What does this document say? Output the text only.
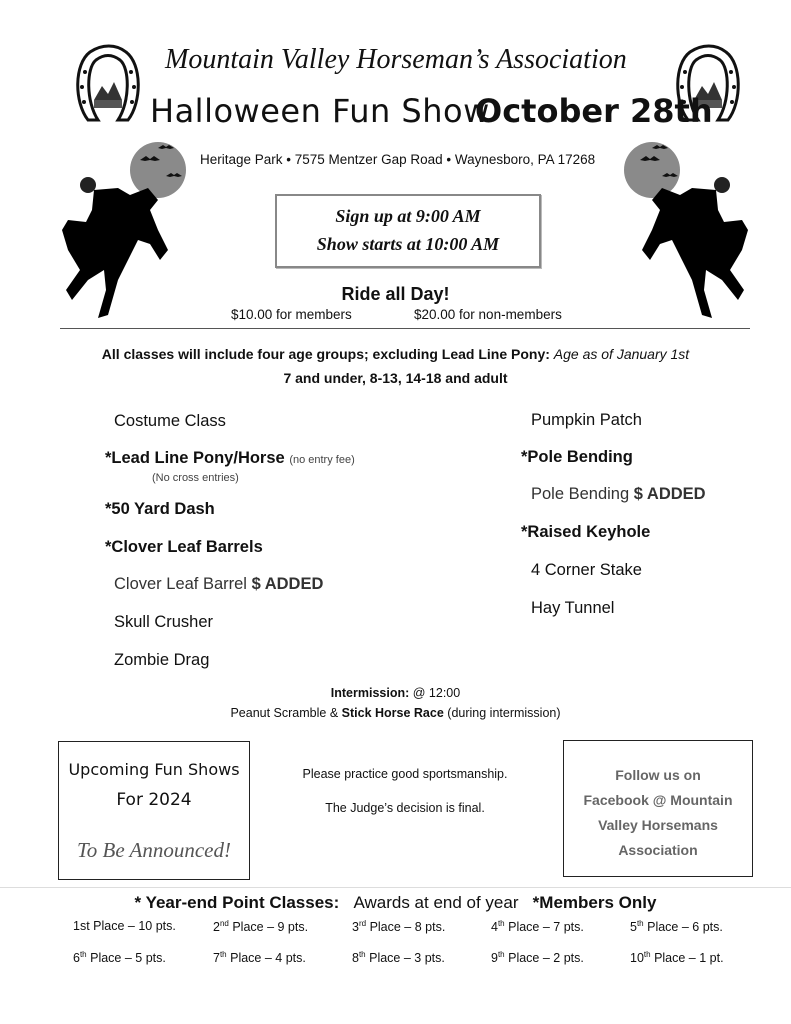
Mountain Valley Horseman’s Association
Halloween Fun Show
October 28th
Heritage Park • 7575 Mentzer Gap Road • Waynesboro, PA 17268
Sign up at 9:00 AM
Show starts at 10:00 AM
Ride all Day!
$10.00 for members	$20.00 for non-members
All classes will include four age groups; excluding Lead Line Pony: Age as of January 1st
7 and under, 8-13, 14-18 and adult
Costume Class
*Lead Line Pony/Horse (no entry fee)
(No cross entries)
*50 Yard Dash
*Clover Leaf Barrels
Clover Leaf Barrel $ ADDED
Skull Crusher
Zombie Drag
Pumpkin Patch
*Pole Bending
Pole Bending $ ADDED
*Raised Keyhole
4 Corner Stake
Hay Tunnel
Intermission: @ 12:00
Peanut Scramble & Stick Horse Race (during intermission)
Upcoming Fun Shows
For 2024
To Be Announced!
Please practice good sportsmanship.
The Judge’s decision is final.
Follow us on
Facebook @ Mountain
Valley Horsemans
Association
* Year-end Point Classes: Awards at end of year *Members Only
1st Place – 10 pts.	2nd Place – 9 pts.	3rd Place – 8 pts.	4th Place – 7 pts.	5th Place – 6 pts.
6th Place – 5 pts.	7th Place – 4 pts.	8th Place – 3 pts.	9th Place – 2 pts.	10th Place – 1 pt.
